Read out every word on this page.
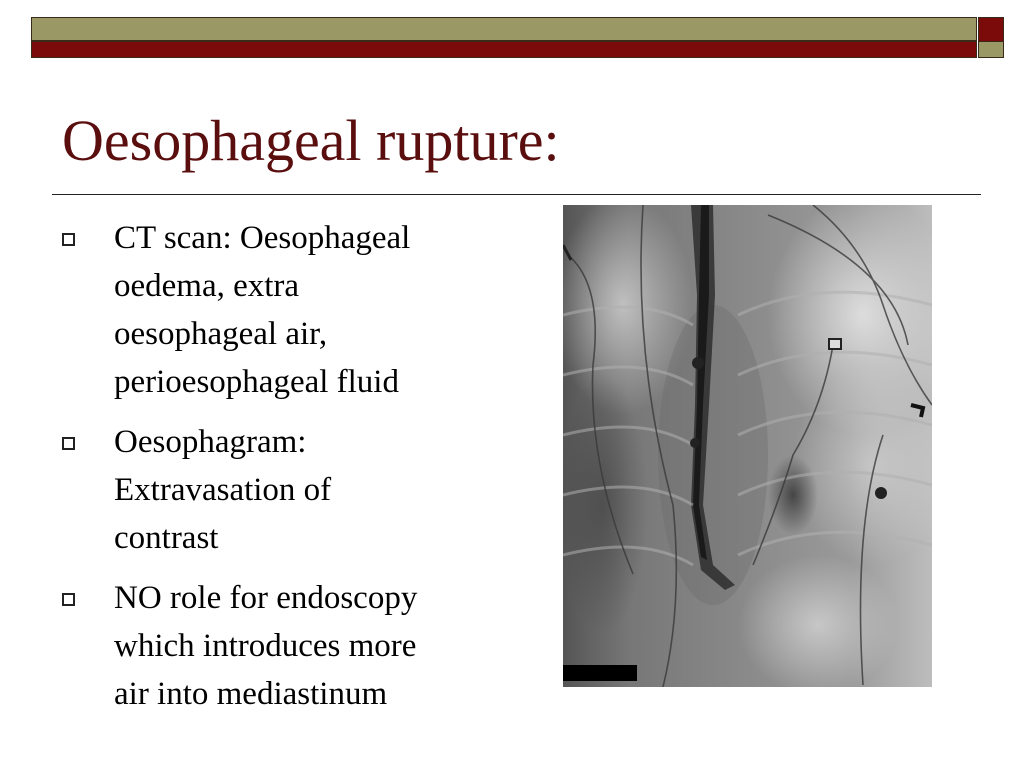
Oesophageal rupture:
CT scan: Oesophageal
oedema, extra
oesophageal air,
perioesophageal fluid
Oesophagram:
Extravasation of
contrast
NO role for endoscopy
which introduces more
air into mediastinum
